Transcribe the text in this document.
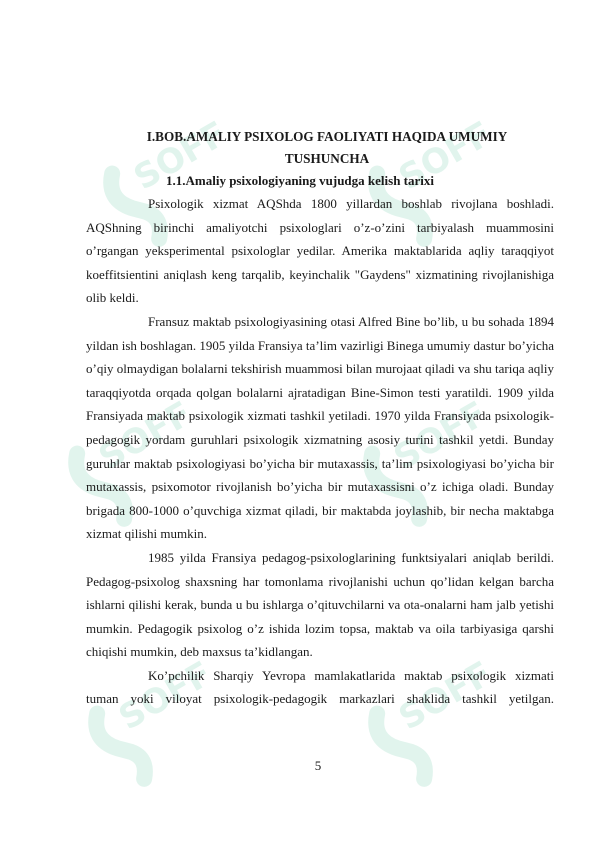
SOFF	SOFF
SOFF	SOFF
SOFF	SOFF

I.BOB.AMALIY PSIXOLOG FAOLIYATI HAQIDA UMUMIY TUSHUNCHA

1.1.Amaliy psixologiyaning vujudga kelish tarixi

Psixologik xizmat AQShda 1800 yillardan boshlab rivojlana boshladi. AQShning birinchi amaliyotchi psixologlari o’z-o’zini tarbiyalash muammosini o’rgangan yeksperimental psixologlar yedilar. Amerika maktablarida aqliy taraqqiyot koeffitsientini aniqlash keng tarqalib, keyinchalik "Gaydens" xizmatining rivojlanishiga olib keldi.

Fransuz maktab psixologiyasining otasi Alfred Bine bo’lib, u bu sohada 1894 yildan ish boshlagan. 1905 yilda Fransiya ta’lim vazirligi Binega umumiy dastur bo’yicha o’qiy olmaydigan bolalarni tekshirish muammosi bilan murojaat qiladi va shu tariqa aqliy taraqqiyotda orqada qolgan bolalarni ajratadigan Bine-Simon testi yaratildi. 1909 yilda Fransiyada maktab psixologik xizmati tashkil yetiladi. 1970 yilda Fransiyada psixologik-pedagogik yordam guruhlari psixologik xizmatning asosiy turini tashkil yetdi. Bunday guruhlar maktab psixologiyasi bo’yicha bir mutaxassis, ta’lim psixologiyasi bo’yicha bir mutaxassis, psixomotor rivojlanish bo’yicha bir mutaxassisni o’z ichiga oladi. Bunday brigada 800-1000 o’quvchiga xizmat qiladi, bir maktabda joylashib, bir necha maktabga xizmat qilishi mumkin.

1985 yilda Fransiya pedagog-psixologlarining funktsiyalari aniqlab berildi. Pedagog-psixolog shaxsning har tomonlama rivojlanishi uchun qo’lidan kelgan barcha ishlarni qilishi kerak, bunda u bu ishlarga o’qituvchilarni va ota-onalarni ham jalb yetishi mumkin. Pedagogik psixolog o’z ishida lozim topsa, maktab va oila tarbiyasiga qarshi chiqishi mumkin, deb maxsus ta’kidlangan.

Ko’pchilik Sharqiy Yevropa mamlakatlarida maktab psixologik xizmati tuman yoki viloyat psixologik-pedagogik markazlari shaklida tashkil yetilgan.

5
